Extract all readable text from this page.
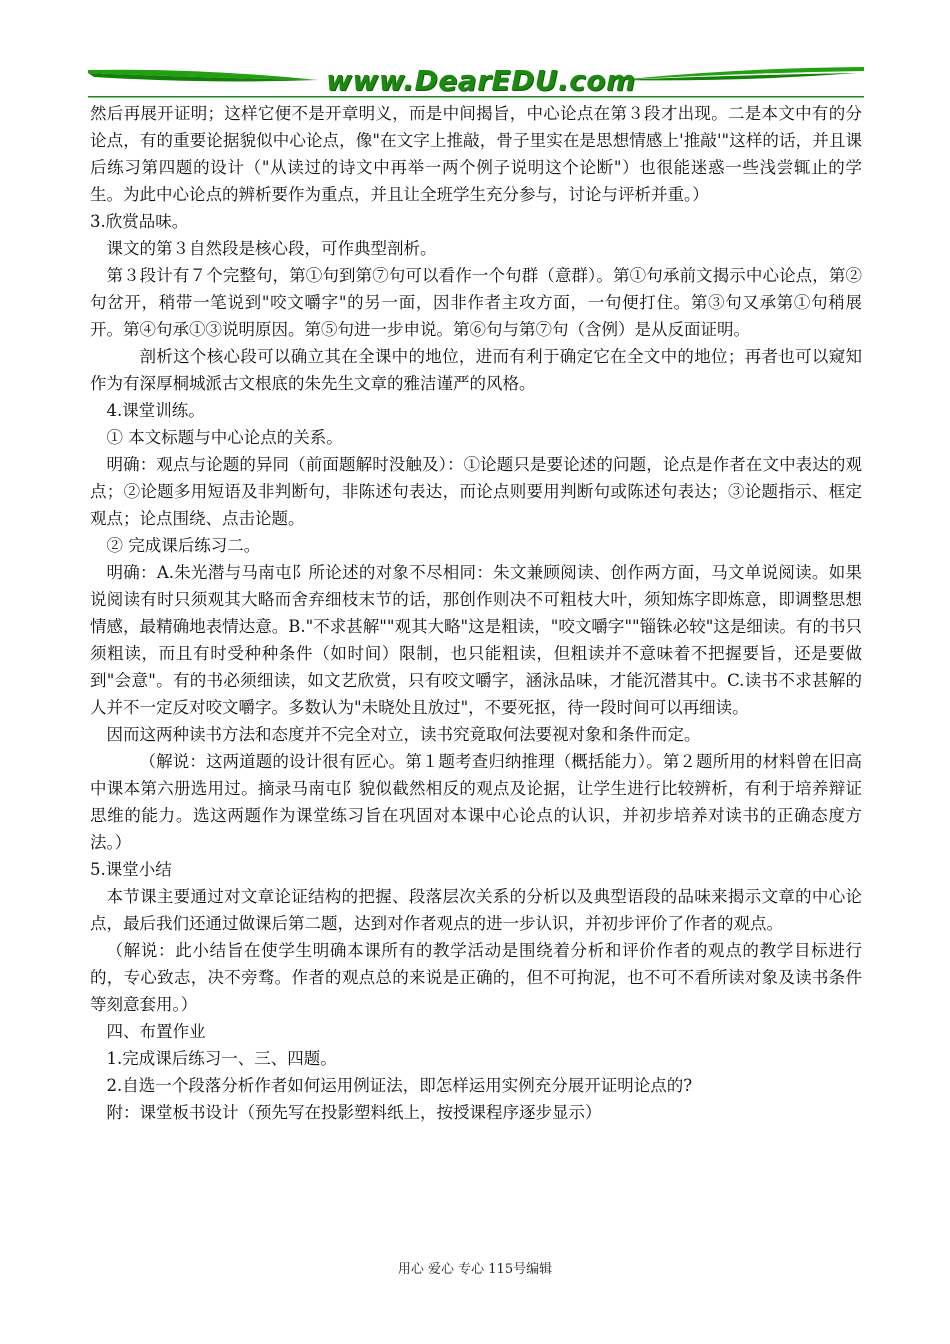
www.DearEDU.com

然后再展开证明；这样它便不是开章明义，而是中间揭旨，中心论点在第３段才出现。二是本文中有的分论点，有的重要论据貌似中心论点，像"在文字上推敲，骨子里实在是思想情感上'推敲'"这样的话，并且课后练习第四题的设计（"从读过的诗文中再举一两个例子说明这个论断"）也很能迷惑一些浅尝辄止的学生。为此中心论点的辨析要作为重点，并且让全班学生充分参与，讨论与评析并重。）

3.欣赏品味。

课文的第３自然段是核心段，可作典型剖析。

第３段计有７个完整句，第①句到第⑦句可以看作一个句群（意群）。第①句承前文揭示中心论点，第②句岔开，稍带一笔说到"咬文嚼字"的另一面，因非作者主攻方面，一句便打住。第③句又承第①句稍展开。第④句承①③说明原因。第⑤句进一步申说。第⑥句与第⑦句（含例）是从反面证明。

剖析这个核心段可以确立其在全课中的地位，进而有利于确定它在全文中的地位；再者也可以窥知作为有深厚桐城派古文根底的朱先生文章的雅洁谨严的风格。

4.课堂训练。

① 本文标题与中心论点的关系。

明确：观点与论题的异同（前面题解时没触及）：①论题只是要论述的问题，论点是作者在文中表达的观点；②论题多用短语及非判断句，非陈述句表达，而论点则要用判断句或陈述句表达；③论题指示、框定观点；论点围绕、点击论题。

② 完成课后练习二。

明确：A.朱光潜与马南屯阝所论述的对象不尽相同：朱文兼顾阅读、创作两方面，马文单说阅读。如果说阅读有时只须观其大略而舍弃细枝末节的话，那创作则决不可粗枝大叶，须知炼字即炼意，即调整思想情感，最精确地表情达意。B."不求甚解""观其大略"这是粗读，"咬文嚼字""锱铢必较"这是细读。有的书只须粗读，而且有时受种种条件（如时间）限制，也只能粗读，但粗读并不意味着不把握要旨，还是要做到"会意"。有的书必须细读，如文艺欣赏，只有咬文嚼字，涵泳品味，才能沉潜其中。C.读书不求甚解的人并不一定反对咬文嚼字。多数认为"未晓处且放过"，不要死抠，待一段时间可以再细读。

因而这两种读书方法和态度并不完全对立，读书究竟取何法要视对象和条件而定。

（解说：这两道题的设计很有匠心。第１题考查归纳推理（概括能力）。第２题所用的材料曾在旧高中课本第六册选用过。摘录马南屯阝貌似截然相反的观点及论据，让学生进行比较辨析，有利于培养辩证思维的能力。选这两题作为课堂练习旨在巩固对本课中心论点的认识，并初步培养对读书的正确态度方法。）

5.课堂小结

本节课主要通过对文章论证结构的把握、段落层次关系的分析以及典型语段的品味来揭示文章的中心论点，最后我们还通过做课后第二题，达到对作者观点的进一步认识，并初步评价了作者的观点。

（解说：此小结旨在使学生明确本课所有的教学活动是围绕着分析和评价作者的观点的教学目标进行的，专心致志，决不旁骛。作者的观点总的来说是正确的，但不可拘泥，也不可不看所读对象及读书条件等刻意套用。）

四、布置作业

1.完成课后练习一、三、四题。

2.自选一个段落分析作者如何运用例证法，即怎样运用实例充分展开证明论点的?

附：课堂板书设计（预先写在投影塑料纸上，按授课程序逐步显示）

用心 爱心 专心 115号编辑
